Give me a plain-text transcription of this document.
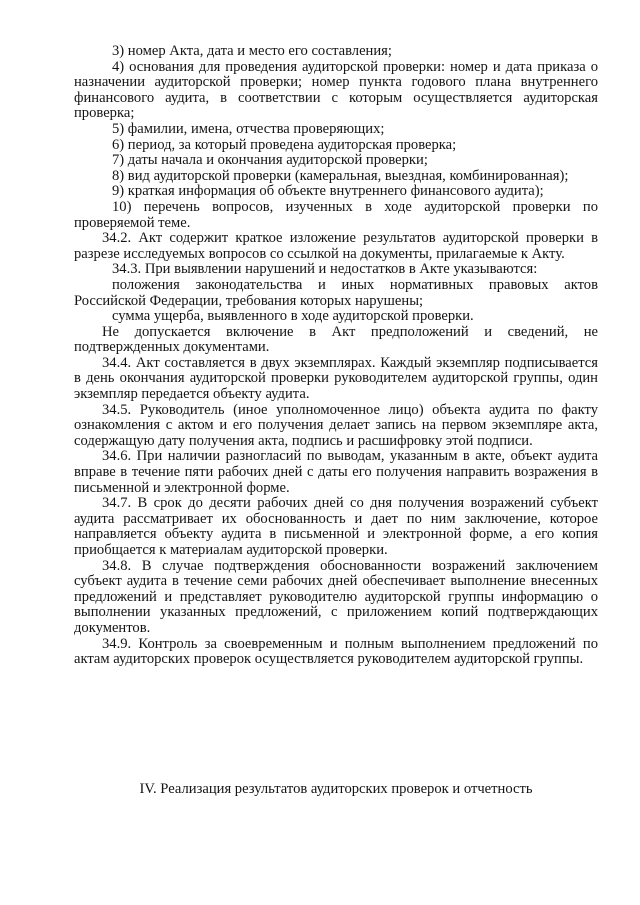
3) номер Акта, дата и место его составления;

4) основания для проведения аудиторской проверки: номер и дата приказа о назначении аудиторской проверки; номер пункта годового плана внутреннего финансового аудита, в соответствии с которым осуществляется аудиторская проверка;

5) фамилии, имена, отчества проверяющих;

6) период, за который проведена аудиторская проверка;

7) даты начала и окончания аудиторской проверки;

8) вид аудиторской проверки (камеральная, выездная, комбинированная);

9) краткая информация об объекте внутреннего финансового аудита);

10) перечень вопросов, изученных в ходе аудиторской проверки по проверяемой теме.

34.2. Акт содержит краткое изложение результатов аудиторской проверки в разрезе исследуемых вопросов со ссылкой на документы, прилагаемые к Акту.

34.3. При выявлении нарушений и недостатков в Акте указываются:

положения законодательства и иных нормативных правовых актов Российской Федерации, требования которых нарушены;

сумма ущерба, выявленного в ходе аудиторской проверки.

Не допускается включение в Акт предположений и сведений, не подтвержденных документами.

34.4. Акт составляется в двух экземплярах. Каждый экземпляр подписывается в день окончания аудиторской проверки руководителем аудиторской группы, один экземпляр передается объекту аудита.

34.5. Руководитель (иное уполномоченное лицо) объекта аудита по факту ознакомления с актом и его получения делает запись на первом экземпляре акта, содержащую дату получения акта, подпись и расшифровку этой подписи.

34.6. При наличии разногласий по выводам, указанным в акте, объект аудита вправе в течение пяти рабочих дней с даты его получения направить возражения в письменной и электронной форме.

34.7. В срок до десяти рабочих дней со дня получения возражений субъект аудита рассматривает их обоснованность и дает по ним заключение, которое направляется объекту аудита в письменной и электронной форме, а его копия приобщается к материалам аудиторской проверки.

34.8. В случае подтверждения обоснованности возражений заключением субъект аудита в течение семи рабочих дней обеспечивает выполнение внесенных предложений и представляет руководителю аудиторской группы информацию о выполнении указанных предложений, с приложением копий подтверждающих документов.

34.9. Контроль за своевременным и полным выполнением предложений по актам аудиторских проверок осуществляется руководителем аудиторской группы.

IV. Реализация результатов аудиторских проверок и отчетность
